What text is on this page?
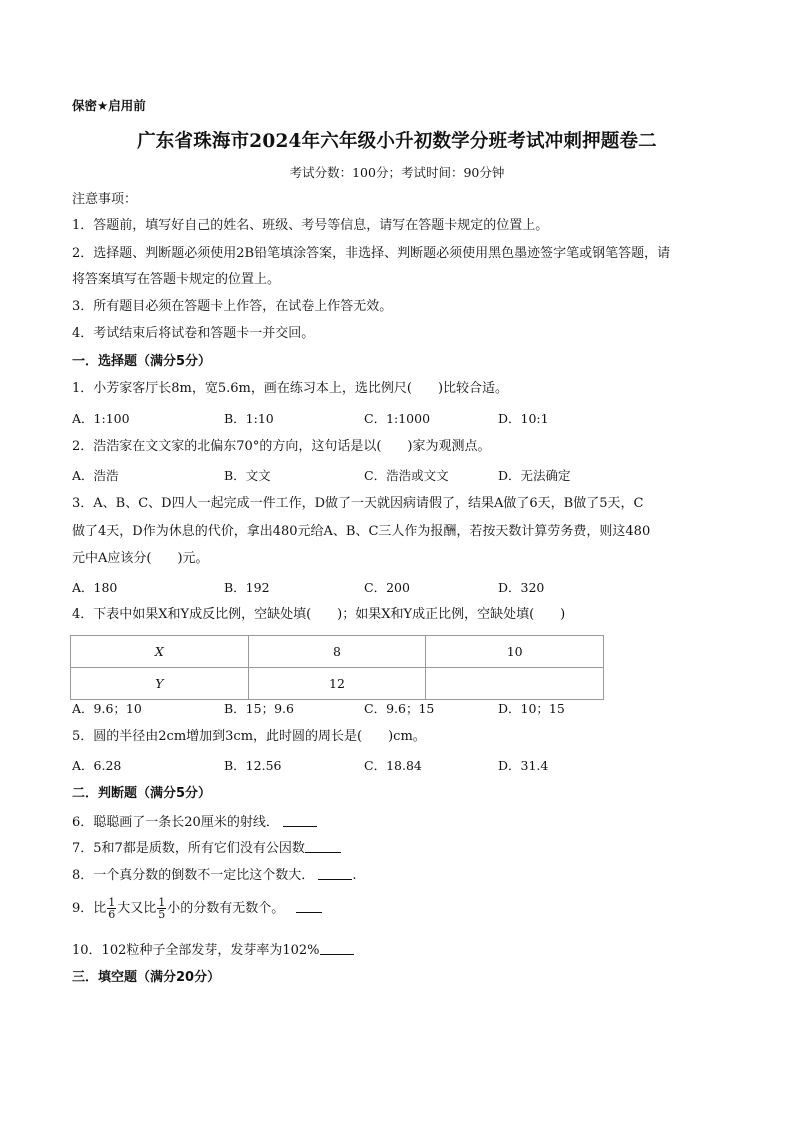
保密★启用前
广东省珠海市2024年六年级小升初数学分班考试冲刺押题卷二
考试分数：100分；考试时间：90分钟
注意事项：
1．答题前，填写好自己的姓名、班级、考号等信息，请写在答题卡规定的位置上。
2．选择题、判断题必须使用2B铅笔填涂答案，非选择、判断题必须使用黑色墨迹签字笔或钢笔答题，请
将答案填写在答题卡规定的位置上。
3．所有题目必须在答题卡上作答，在试卷上作答无效。
4．考试结束后将试卷和答题卡一并交回。
一．选择题（满分5分）
1．小芳家客厅长8m，宽5.6m，画在练习本上，选比例尺(　　)比较合适。
A．1:100	B．1:10	C．1:1000	D．10:1
2．浩浩家在文文家的北偏东70°的方向，这句话是以(　　)家为观测点。
A．浩浩	B．文文	C．浩浩或文文	D．无法确定
3．A、B、C、D四人一起完成一件工作，D做了一天就因病请假了，结果A做了6天，B做了5天，C
做了4天，D作为休息的代价，拿出480元给A、B、C三人作为报酬，若按天数计算劳务费，则这480
元中A应该分(　　)元。
A．180	B．192	C．200	D．320
4．下表中如果X和Y成反比例，空缺处填(　　)；如果X和Y成正比例，空缺处填(　　)
X	8	10
Y	12	
A．9.6；10	B．15；9.6	C．9.6；15	D．10；15
5．圆的半径由2cm增加到3cm，此时圆的周长是(　　)cm。
A．6.28	B．12.56	C．18.84	D．31.4
二．判断题（满分5分）
6．聪聪画了一条长20厘米的射线．
7．5和7都是质数，所有它们没有公因数
8．一个真分数的倒数不一定比这个数大．	.
9．比 $\frac{1}{6}$ 大又比 $\frac{1}{5}$ 小的分数有无数个。
10．102粒种子全部发芽，发芽率为102%
三．填空题（满分20分）
